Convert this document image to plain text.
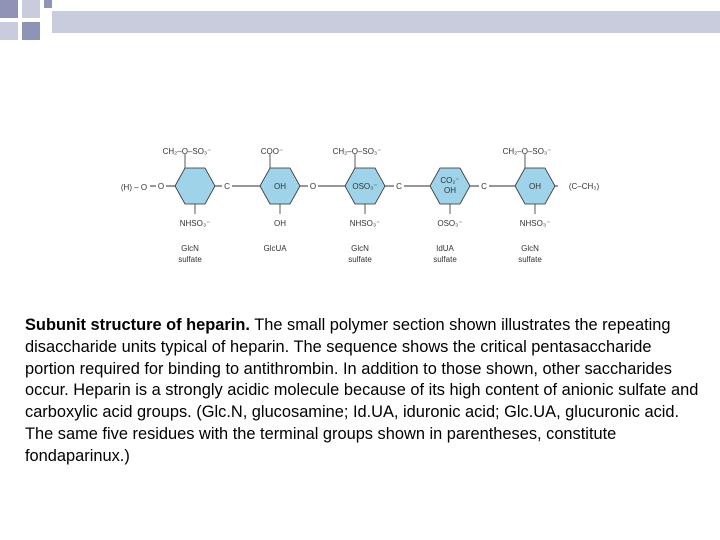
(H) – O O	C	O	C	C	(C–CH₃)
CH₂–O–SO₃⁻
NHSO₃⁻
GlcN
sulfate
COO⁻
OH
OH
GlcUA
CH₂–O–SO₃⁻
OSO₃⁻
NHSO₃⁻
GlcN
sulfate
CO₂⁻
OH
OSO₃⁻
IdUA
sulfate
CH₂–O–SO₃⁻
OH
NHSO₃⁻
GlcN
sulfate
Subunit structure of heparin. The small polymer section shown illustrates the repeating disaccharide units typical of heparin. The sequence shows the critical pentasaccharide portion required for binding to antithrombin. In addition to those shown, other saccharides occur. Heparin is a strongly acidic molecule because of its high content of anionic sulfate and carboxylic acid groups. (Glc.N, glucosamine; Id.UA, iduronic acid; Glc.UA, glucuronic acid. The same five residues with the terminal groups shown in parentheses, constitute fondaparinux.)
